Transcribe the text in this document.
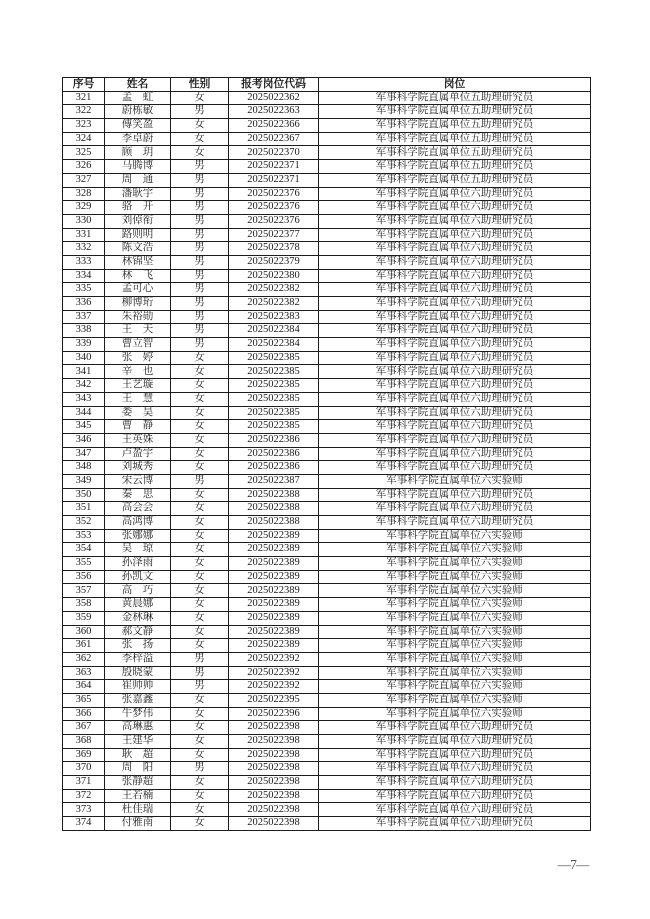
序号	姓名	性别	报考岗位代码	岗位
321	孟　虹	女	2025022362	军事科学院直属单位五助理研究员
322	蔚栋敏	男	2025022363	军事科学院直属单位五助理研究员
323	傅笑盈	女	2025022366	军事科学院直属单位五助理研究员
324	李卓蔚	女	2025022367	军事科学院直属单位五助理研究员
325	顾　玥	女	2025022370	军事科学院直属单位五助理研究员
326	马腾博	男	2025022371	军事科学院直属单位五助理研究员
327	周　通	男	2025022371	军事科学院直属单位五助理研究员
328	潘耿宇	男	2025022376	军事科学院直属单位六助理研究员
329	骆　开	男	2025022376	军事科学院直属单位六助理研究员
330	刘倬衔	男	2025022376	军事科学院直属单位六助理研究员
331	路则明	男	2025022377	军事科学院直属单位六助理研究员
332	陈文浩	男	2025022378	军事科学院直属单位六助理研究员
333	林锦坚	男	2025022379	军事科学院直属单位六助理研究员
334	林　飞	男	2025022380	军事科学院直属单位六助理研究员
335	孟可心	男	2025022382	军事科学院直属单位六助理研究员
336	柳博珩	男	2025022382	军事科学院直属单位六助理研究员
337	朱裕勋	男	2025022383	军事科学院直属单位六助理研究员
338	王　天	男	2025022384	军事科学院直属单位六助理研究员
339	曹立智	男	2025022384	军事科学院直属单位六助理研究员
340	张　婷	女	2025022385	军事科学院直属单位六助理研究员
341	辛　也	女	2025022385	军事科学院直属单位六助理研究员
342	王艺璇	女	2025022385	军事科学院直属单位六助理研究员
343	王　慧	女	2025022385	军事科学院直属单位六助理研究员
344	娄　昊	女	2025022385	军事科学院直属单位六助理研究员
345	曹　静	女	2025022385	军事科学院直属单位六助理研究员
346	王英姝	女	2025022386	军事科学院直属单位六助理研究员
347	卢盈宇	女	2025022386	军事科学院直属单位六助理研究员
348	刘城秀	女	2025022386	军事科学院直属单位六助理研究员
349	宋云博	男	2025022387	军事科学院直属单位六实验师
350	秦　思	女	2025022388	军事科学院直属单位六助理研究员
351	高会会	女	2025022388	军事科学院直属单位六助理研究员
352	高鸿博	女	2025022388	军事科学院直属单位六助理研究员
353	张娜娜	女	2025022389	军事科学院直属单位六实验师
354	吴　琼	女	2025022389	军事科学院直属单位六实验师
355	孙泽雨	女	2025022389	军事科学院直属单位六实验师
356	孙凯文	女	2025022389	军事科学院直属单位六实验师
357	高　巧	女	2025022389	军事科学院直属单位六实验师
358	黄晨娜	女	2025022389	军事科学院直属单位六实验师
359	金林琳	女	2025022389	军事科学院直属单位六实验师
360	郝文静	女	2025022389	军事科学院直属单位六实验师
361	张　扬	女	2025022389	军事科学院直属单位六实验师
362	李梓溢	男	2025022392	军事科学院直属单位六实验师
363	殷晓蒙	男	2025022392	军事科学院直属单位六实验师
364	崔帅帅	男	2025022392	军事科学院直属单位六实验师
365	张嘉鑫	女	2025022395	军事科学院直属单位六实验师
366	牛梦伟	女	2025022396	军事科学院直属单位六实验师
367	高琳惠	女	2025022398	军事科学院直属单位六助理研究员
368	王建华	女	2025022398	军事科学院直属单位六助理研究员
369	耿　超	女	2025022398	军事科学院直属单位六助理研究员
370	周　阳	男	2025022398	军事科学院直属单位六助理研究员
371	张静超	女	2025022398	军事科学院直属单位六助理研究员
372	王若楠	女	2025022398	军事科学院直属单位六助理研究员
373	杜佳瑞	女	2025022398	军事科学院直属单位六助理研究员
374	付雅南	女	2025022398	军事科学院直属单位六助理研究员
—7—
